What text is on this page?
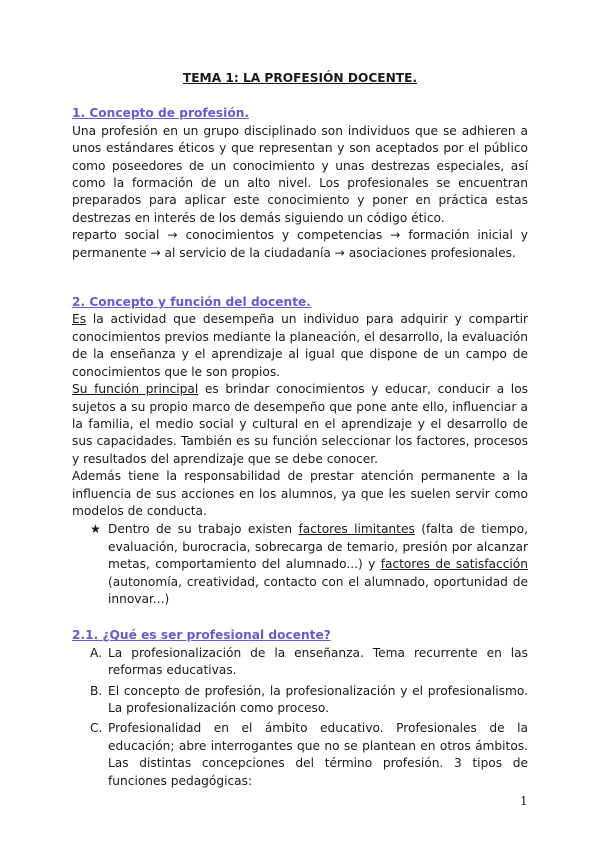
TEMA 1: LA PROFESIÓN DOCENTE.
1. Concepto de profesión.

Una profesión en un grupo disciplinado son individuos que se adhieren a unos estándares éticos y que representan y son aceptados por el público como poseedores de un conocimiento y unas destrezas especiales, así como la formación de un alto nivel. Los profesionales se encuentran preparados para aplicar este conocimiento y poner en práctica estas destrezas en interés de los demás siguiendo un código ético.

reparto social → conocimientos y competencias → formación inicial y permanente → al servicio de la ciudadanía → asociaciones profesionales.

2. Concepto y función del docente.

Es la actividad que desempeña un individuo para adquirir y compartir conocimientos previos mediante la planeación, el desarrollo, la evaluación de la enseñanza y el aprendizaje al igual que dispone de un campo de conocimientos que le son propios.

Su función principal es brindar conocimientos y educar, conducir a los sujetos a su propio marco de desempeño que pone ante ello, influenciar a la familia, el medio social y cultural en el aprendizaje y el desarrollo de sus capacidades. También es su función seleccionar los factores, procesos y resultados del aprendizaje que se debe conocer.

Además tiene la responsabilidad de prestar atención permanente a la influencia de sus acciones en los alumnos, ya que les suelen servir como modelos de conducta.

★ Dentro de su trabajo existen factores limitantes (falta de tiempo, evaluación, burocracia, sobrecarga de temario, presión por alcanzar metas, comportamiento del alumnado...) y factores de satisfacción (autonomía, creatividad, contacto con el alumnado, oportunidad de innovar...)

2.1. ¿Qué es ser profesional docente?
A. La profesionalización de la enseñanza. Tema recurrente en las reformas educativas.
B. El concepto de profesión, la profesionalización y el profesionalismo. La profesionalización como proceso.
C. Profesionalidad en el ámbito educativo. Profesionales de la educación; abre interrogantes que no se plantean en otros ámbitos. Las distintas concepciones del término profesión. 3 tipos de funciones pedagógicas:
1
